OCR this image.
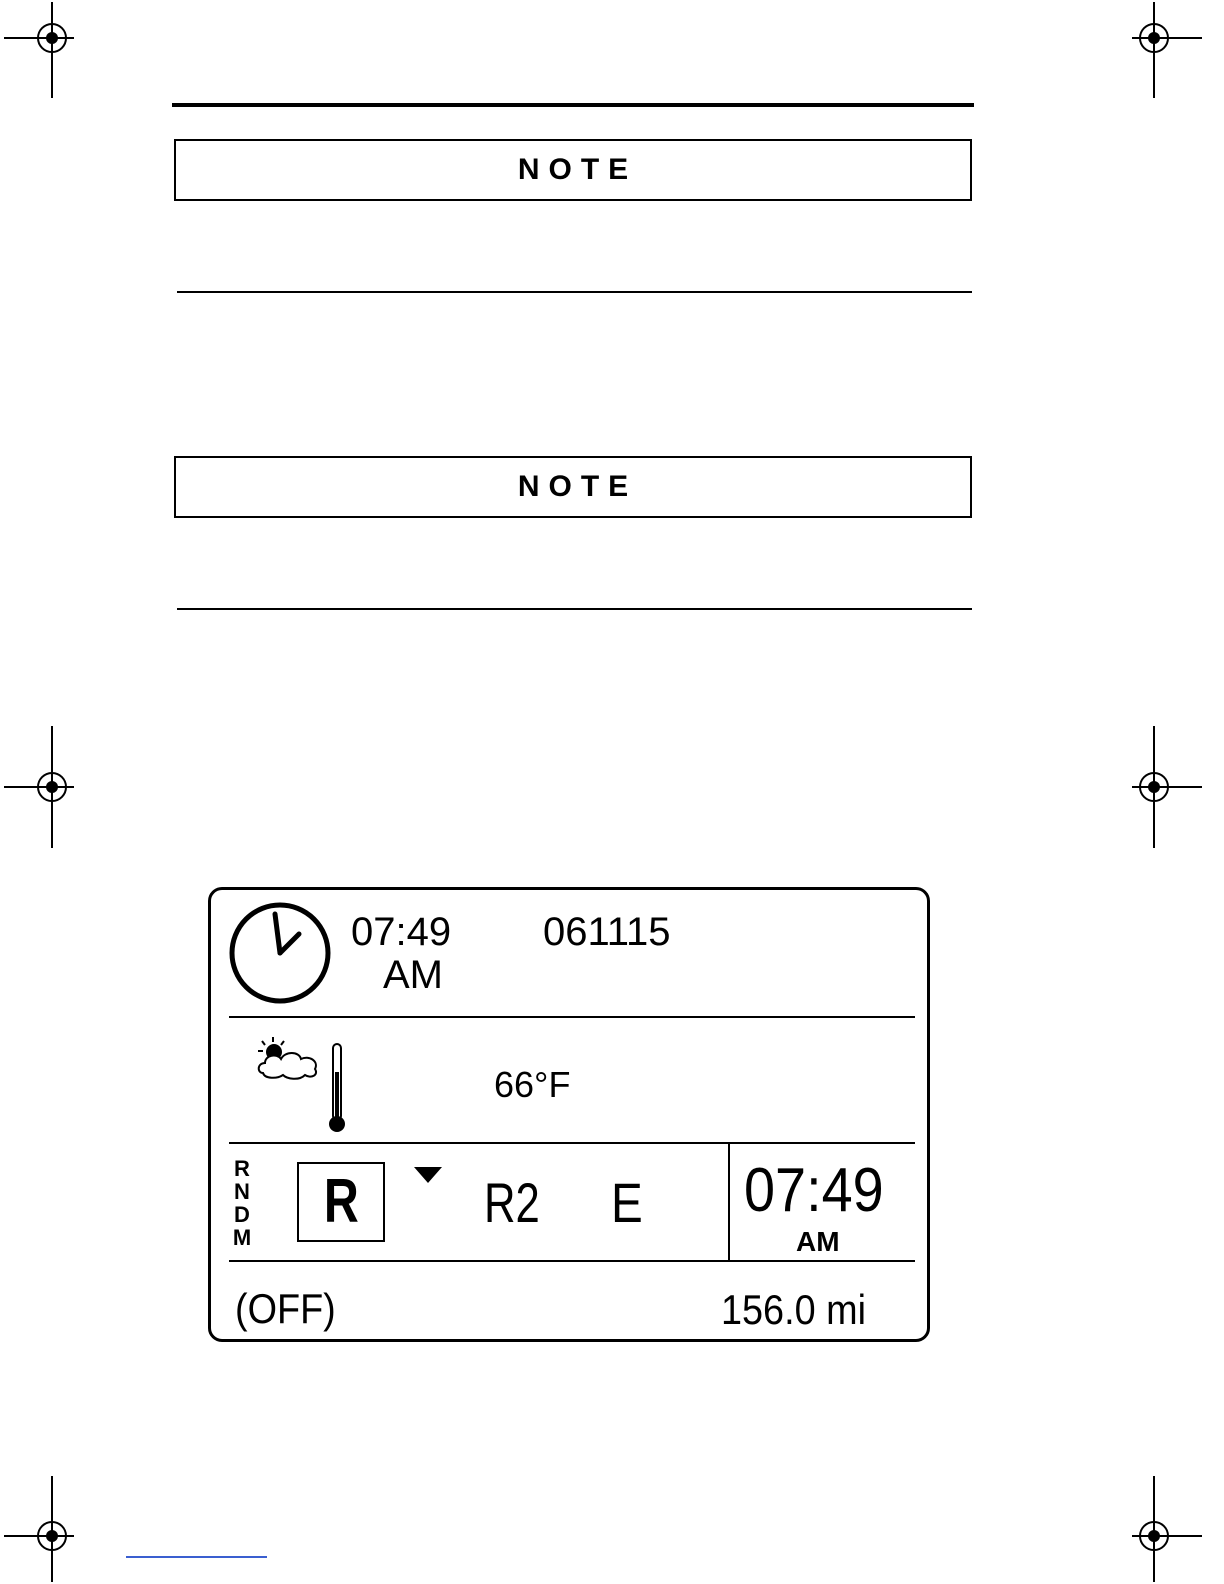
NOTE
NOTE
07:49
AM
061115
66°F
R
N
D
M
R R2 E 07:49
AM
(OFF)	156.0 mi
